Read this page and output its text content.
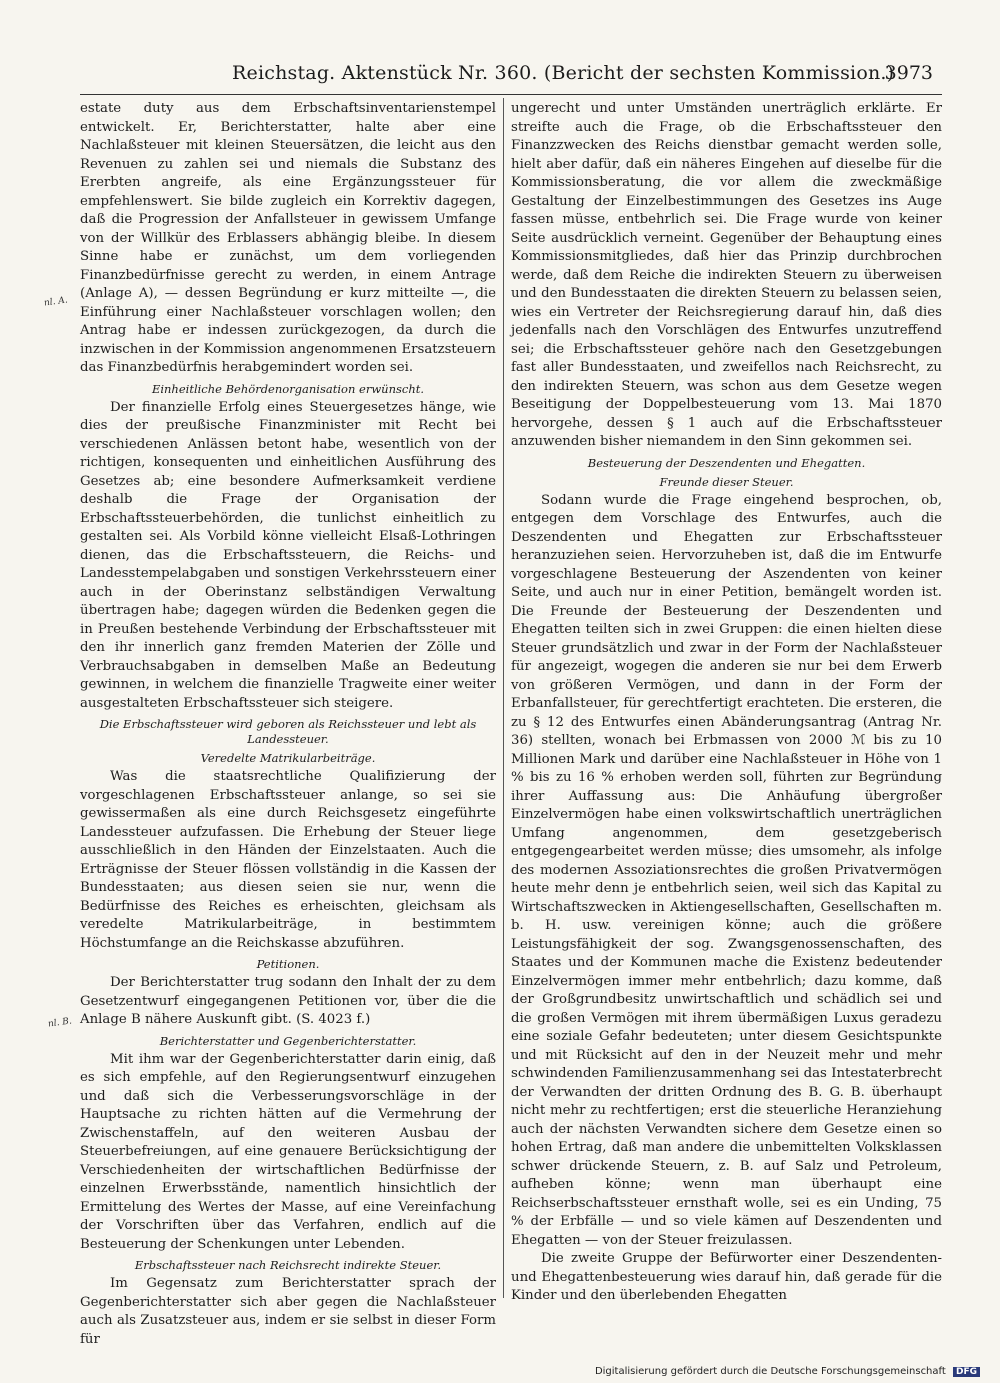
Reichstag. Aktenstück Nr. 360. (Bericht der sechsten Kommission.)
3973
nl. A.
nl. B.

estate duty aus dem Erbschaftsinventarienstempel entwickelt. Er, Berichterstatter, halte aber eine Nachlaßsteuer mit kleinen Steuersätzen, die leicht aus den Revenuen zu zahlen sei und niemals die Substanz des Ererbten angreife, als eine Ergänzungssteuer für empfehlenswert. Sie bilde zugleich ein Korrektiv dagegen, daß die Progression der Anfallsteuer in gewissem Umfange von der Willkür des Erblassers abhängig bleibe. In diesem Sinne habe er zunächst, um dem vorliegenden Finanzbedürfnisse gerecht zu werden, in einem Antrage (Anlage A), — dessen Begründung er kurz mitteilte —, die Einführung einer Nachlaßsteuer vorschlagen wollen; den Antrag habe er indessen zurückgezogen, da durch die inzwischen in der Kommission angenommenen Ersatzsteuern das Finanzbedürfnis herabgemindert worden sei.

Einheitliche Behördenorganisation erwünscht.

Der finanzielle Erfolg eines Steuergesetzes hänge, wie dies der preußische Finanzminister mit Recht bei verschiedenen Anlässen betont habe, wesentlich von der richtigen, konsequenten und einheitlichen Ausführung des Gesetzes ab; eine besondere Aufmerksamkeit verdiene deshalb die Frage der Organisation der Erbschaftssteuerbehörden, die tunlichst einheitlich zu gestalten sei. Als Vorbild könne vielleicht Elsaß-Lothringen dienen, das die Erbschaftssteuern, die Reichs- und Landesstempelabgaben und sonstigen Verkehrssteuern einer auch in der Oberinstanz selbständigen Verwaltung übertragen habe; dagegen würden die Bedenken gegen die in Preußen bestehende Verbindung der Erbschaftssteuer mit den ihr innerlich ganz fremden Materien der Zölle und Verbrauchsabgaben in demselben Maße an Bedeutung gewinnen, in welchem die finanzielle Tragweite einer weiter ausgestalteten Erbschaftssteuer sich steigere.

Die Erbschaftssteuer wird geboren als Reichssteuer und lebt als Landessteuer.
Veredelte Matrikularbeiträge.

Was die staatsrechtliche Qualifizierung der vorgeschlagenen Erbschaftssteuer anlange, so sei sie gewissermaßen als eine durch Reichsgesetz eingeführte Landessteuer aufzufassen. Die Erhebung der Steuer liege ausschließlich in den Händen der Einzelstaaten. Auch die Erträgnisse der Steuer flössen vollständig in die Kassen der Bundesstaaten; aus diesen seien sie nur, wenn die Bedürfnisse des Reiches es erheischten, gleichsam als veredelte Matrikularbeiträge, in bestimmtem Höchstumfange an die Reichskasse abzuführen.

Petitionen.

Der Berichterstatter trug sodann den Inhalt der zu dem Gesetzentwurf eingegangenen Petitionen vor, über die die Anlage B nähere Auskunft gibt. (S. 4023 f.)

Berichterstatter und Gegenberichterstatter.

Mit ihm war der Gegenberichterstatter darin einig, daß es sich empfehle, auf den Regierungsentwurf einzugehen und daß sich die Verbesserungsvorschläge in der Hauptsache zu richten hätten auf die Vermehrung der Zwischenstaffeln, auf den weiteren Ausbau der Steuerbefreiungen, auf eine genauere Berücksichtigung der Verschiedenheiten der wirtschaftlichen Bedürfnisse der einzelnen Erwerbsstände, namentlich hinsichtlich der Ermittelung des Wertes der Masse, auf eine Vereinfachung der Vorschriften über das Verfahren, endlich auf die Besteuerung der Schenkungen unter Lebenden.

Erbschaftssteuer nach Reichsrecht indirekte Steuer.

Im Gegensatz zum Berichterstatter sprach der Gegenberichterstatter sich aber gegen die Nachlaßsteuer auch als Zusatzsteuer aus, indem er sie selbst in dieser Form für

ungerecht und unter Umständen unerträglich erklärte. Er streifte auch die Frage, ob die Erbschaftssteuer den Finanzzwecken des Reichs dienstbar gemacht werden solle, hielt aber dafür, daß ein näheres Eingehen auf dieselbe für die Kommissionsberatung, die vor allem die zweckmäßige Gestaltung der Einzelbestimmungen des Gesetzes ins Auge fassen müsse, entbehrlich sei. Die Frage wurde von keiner Seite ausdrücklich verneint. Gegenüber der Behauptung eines Kommissionsmitgliedes, daß hier das Prinzip durchbrochen werde, daß dem Reiche die indirekten Steuern zu überweisen und den Bundesstaaten die direkten Steuern zu belassen seien, wies ein Vertreter der Reichsregierung darauf hin, daß dies jedenfalls nach den Vorschlägen des Entwurfes unzutreffend sei; die Erbschaftssteuer gehöre nach den Gesetzgebungen fast aller Bundesstaaten, und zweifellos nach Reichsrecht, zu den indirekten Steuern, was schon aus dem Gesetze wegen Beseitigung der Doppelbesteuerung vom 13. Mai 1870 hervorgehe, dessen § 1 auch auf die Erbschaftssteuer anzuwenden bisher niemandem in den Sinn gekommen sei.

Besteuerung der Deszendenten und Ehegatten.
Freunde dieser Steuer.

Sodann wurde die Frage eingehend besprochen, ob, entgegen dem Vorschlage des Entwurfes, auch die Deszendenten und Ehegatten zur Erbschaftssteuer heranzuziehen seien. Hervorzuheben ist, daß die im Entwurfe vorgeschlagene Besteuerung der Aszendenten von keiner Seite, und auch nur in einer Petition, bemängelt worden ist. Die Freunde der Besteuerung der Deszendenten und Ehegatten teilten sich in zwei Gruppen: die einen hielten diese Steuer grundsätzlich und zwar in der Form der Nachlaßsteuer für angezeigt, wogegen die anderen sie nur bei dem Erwerb von größeren Vermögen, und dann in der Form der Erbanfallsteuer, für gerechtfertigt erachteten. Die ersteren, die zu § 12 des Entwurfes einen Abänderungsantrag (Antrag Nr. 36) stellten, wonach bei Erbmassen von 2000 ℳ bis zu 10 Millionen Mark und darüber eine Nachlaßsteuer in Höhe von 1 % bis zu 16 % erhoben werden soll, führten zur Begründung ihrer Auffassung aus: Die Anhäufung übergroßer Einzelvermögen habe einen volkswirtschaftlich unerträglichen Umfang angenommen, dem gesetzgeberisch entgegengearbeitet werden müsse; dies umsomehr, als infolge des modernen Assoziationsrechtes die großen Privatvermögen heute mehr denn je entbehrlich seien, weil sich das Kapital zu Wirtschaftszwecken in Aktiengesellschaften, Gesellschaften m. b. H. usw. vereinigen könne; auch die größere Leistungsfähigkeit der sog. Zwangsgenossenschaften, des Staates und der Kommunen mache die Existenz bedeutender Einzelvermögen immer mehr entbehrlich; dazu komme, daß der Großgrundbesitz unwirtschaftlich und schädlich sei und die großen Vermögen mit ihrem übermäßigen Luxus geradezu eine soziale Gefahr bedeuteten; unter diesem Gesichtspunkte und mit Rücksicht auf den in der Neuzeit mehr und mehr schwindenden Familienzusammenhang sei das Intestaterbrecht der Verwandten der dritten Ordnung des B. G. B. überhaupt nicht mehr zu rechtfertigen; erst die steuerliche Heranziehung auch der nächsten Verwandten sichere dem Gesetze einen so hohen Ertrag, daß man andere die unbemittelten Volksklassen schwer drückende Steuern, z. B. auf Salz und Petroleum, aufheben könne; wenn man überhaupt eine Reichserbschaftssteuer ernsthaft wolle, sei es ein Unding, 75 % der Erbfälle — und so viele kämen auf Deszendenten und Ehegatten — von der Steuer freizulassen.

Die zweite Gruppe der Befürworter einer Deszendenten- und Ehegattenbesteuerung wies darauf hin, daß gerade für die Kinder und den überlebenden Ehegatten

Digitalisierung gefördert durch die Deutsche Forschungsgemeinschaft DFG
